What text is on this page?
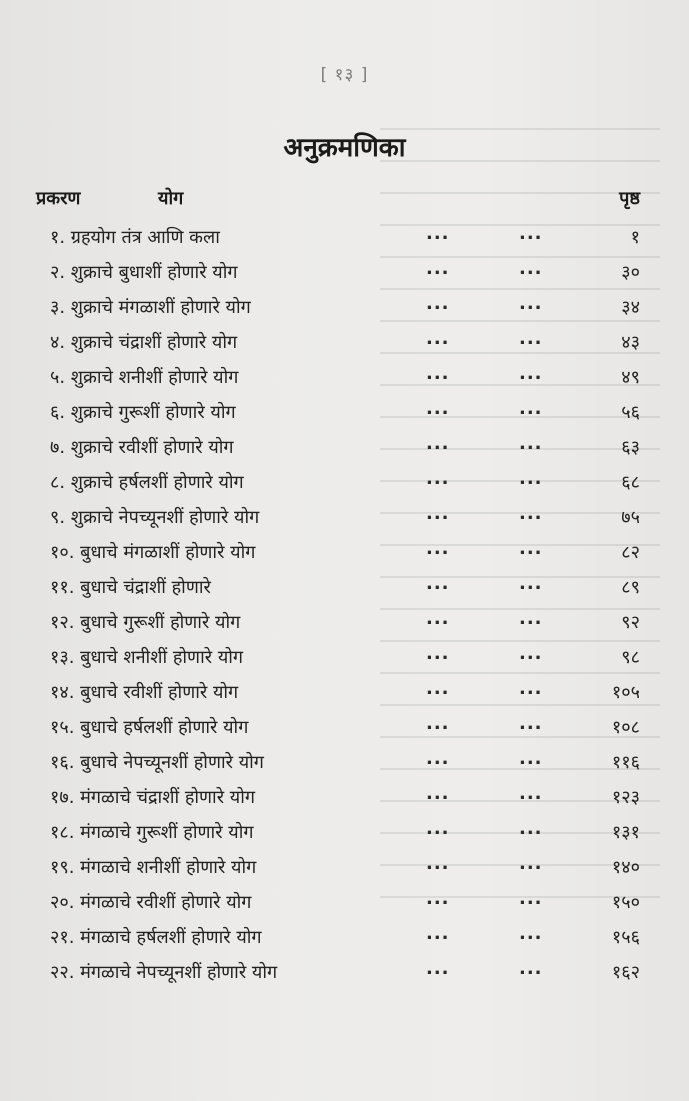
[ १३ ]
अनुक्रमणिका
प्रकरण	योग	पृष्ठ
१. ग्रहयोग तंत्र आणि कला	...	...	१
२. शुक्राचे बुधाशीं होणारे योग	...	...	३०
३. शुक्राचे मंगळाशीं होणारे योग	...	...	३४
४. शुक्राचे चंद्राशीं होणारे योग	...	...	४३
५. शुक्राचे शनीशीं होणारे योग	...	...	४९
६. शुक्राचे गुरूशीं होणारे योग	...	...	५६
७. शुक्राचे रवीशीं होणारे योग	...	...	६३
८. शुक्राचे हर्षलशीं होणारे योग	...	...	६८
९. शुक्राचे नेपच्यूनशीं होणारे योग	...	...	७५
१०. बुधाचे मंगळाशीं होणारे योग	...	...	८२
११. बुधाचे चंद्राशीं होणारे	...	...	८९
१२. बुधाचे गुरूशीं होणारे योग	...	...	९२
१३. बुधाचे शनीशीं होणारे योग	...	...	९८
१४. बुधाचे रवीशीं होणारे योग	...	...	१०५
१५. बुधाचे हर्षलशीं होणारे योग	...	...	१०८
१६. बुधाचे नेपच्यूनशीं होणारे योग	...	...	११६
१७. मंगळाचे चंद्राशीं होणारे योग	...	...	१२३
१८. मंगळाचे गुरूशीं होणारे योग	...	...	१३१
१९. मंगळाचे शनीशीं होणारे योग	...	...	१४०
२०. मंगळाचे रवीशीं होणारे योग	...	...	१५०
२१. मंगळाचे हर्षलशीं होणारे योग	...	...	१५६
२२. मंगळाचे नेपच्यूनशीं होणारे योग	...	...	१६२
